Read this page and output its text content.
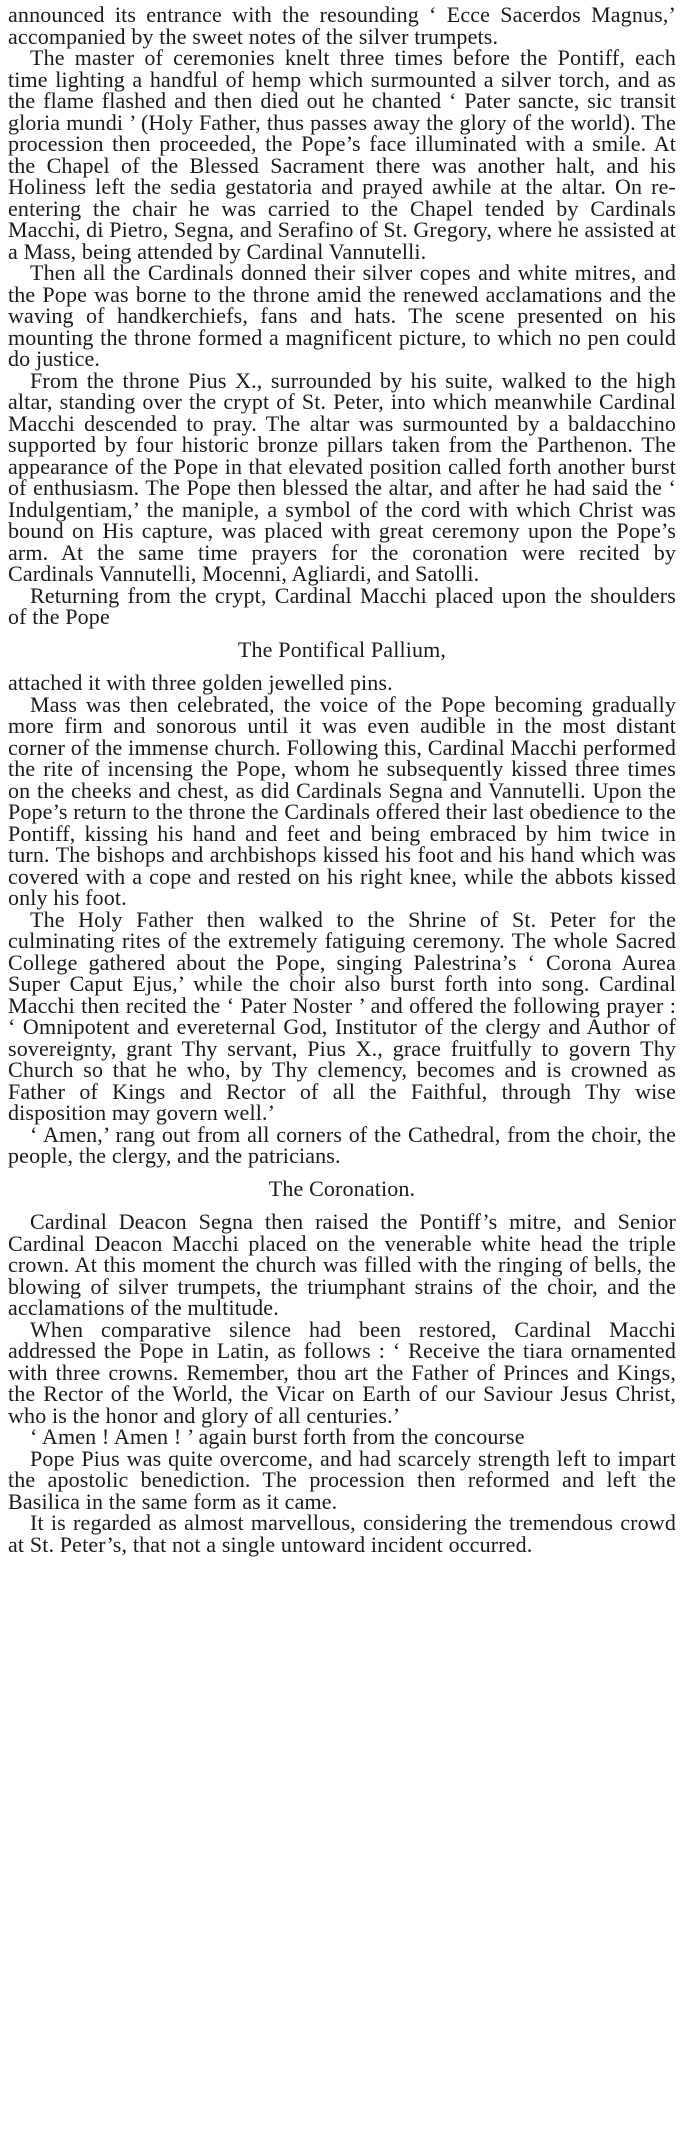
announced its entrance with the resounding ‘ Ecce Sacerdos Magnus,’ accompanied by the sweet notes of the silver trumpets.

The master of ceremonies knelt three times before the Pontiff, each time lighting a handful of hemp which surmounted a silver torch, and as the flame flashed and then died out he chanted ‘ Pater sancte, sic transit gloria mundi ’ (Holy Father, thus passes away the glory of the world). The procession then proceeded, the Pope’s face illuminated with a smile. At the Chapel of the Blessed Sacrament there was another halt, and his Holiness left the sedia gestatoria and prayed awhile at the altar. On re-entering the chair he was carried to the Chapel tended by Cardinals Macchi, di Pietro, Segna, and Serafino of St. Gregory, where he assisted at a Mass, being attended by Cardinal Vannutelli.

Then all the Cardinals donned their silver copes and white mitres, and the Pope was borne to the throne amid the renewed acclamations and the waving of handkerchiefs, fans and hats. The scene presented on his mounting the throne formed a magnificent picture, to which no pen could do justice.

From the throne Pius X., surrounded by his suite, walked to the high altar, standing over the crypt of St. Peter, into which meanwhile Cardinal Macchi descended to pray. The altar was surmounted by a baldacchino supported by four historic bronze pillars taken from the Parthenon. The appearance of the Pope in that elevated position called forth another burst of enthusiasm. The Pope then blessed the altar, and after he had said the ‘ Indulgentiam,’ the maniple, a symbol of the cord with which Christ was bound on His capture, was placed with great ceremony upon the Pope’s arm. At the same time prayers for the coronation were recited by Cardinals Vannutelli, Mocenni, Agliardi, and Satolli.

Returning from the crypt, Cardinal Macchi placed upon the shoulders of the Pope

The Pontifical Pallium,

attached it with three golden jewelled pins.

Mass was then celebrated, the voice of the Pope becoming gradually more firm and sonorous until it was even audible in the most distant corner of the immense church. Following this, Cardinal Macchi performed the rite of incensing the Pope, whom he subsequently kissed three times on the cheeks and chest, as did Cardinals Segna and Vannutelli. Upon the Pope’s return to the throne the Cardinals offered their last obedience to the Pontiff, kissing his hand and feet and being embraced by him twice in turn. The bishops and archbishops kissed his foot and his hand which was covered with a cope and rested on his right knee, while the abbots kissed only his foot.

The Holy Father then walked to the Shrine of St. Peter for the culminating rites of the extremely fatiguing ceremony. The whole Sacred College gathered about the Pope, singing Palestrina’s ‘ Corona Aurea Super Caput Ejus,’ while the choir also burst forth into song. Cardinal Macchi then recited the ‘ Pater Noster ’ and offered the following prayer : ‘ Omnipotent and evereternal God, Institutor of the clergy and Author of sovereignty, grant Thy servant, Pius X., grace fruitfully to govern Thy Church so that he who, by Thy clemency, becomes and is crowned as Father of Kings and Rector of all the Faithful, through Thy wise disposition may govern well.’

‘ Amen,’ rang out from all corners of the Cathedral, from the choir, the people, the clergy, and the patricians.

The Coronation.

Cardinal Deacon Segna then raised the Pontiff’s mitre, and Senior Cardinal Deacon Macchi placed on the venerable white head the triple crown. At this moment the church was filled with the ringing of bells, the blowing of silver trumpets, the triumphant strains of the choir, and the acclamations of the multitude.

When comparative silence had been restored, Cardinal Macchi addressed the Pope in Latin, as follows : ‘ Receive the tiara ornamented with three crowns. Remember, thou art the Father of Princes and Kings, the Rector of the World, the Vicar on Earth of our Saviour Jesus Christ, who is the honor and glory of all centuries.’

‘ Amen ! Amen ! ’ again burst forth from the concourse

Pope Pius was quite overcome, and had scarcely strength left to impart the apostolic benediction. The procession then reformed and left the Basilica in the same form as it came.

It is regarded as almost marvellous, considering the tremendous crowd at St. Peter’s, that not a single untoward incident occurred.
